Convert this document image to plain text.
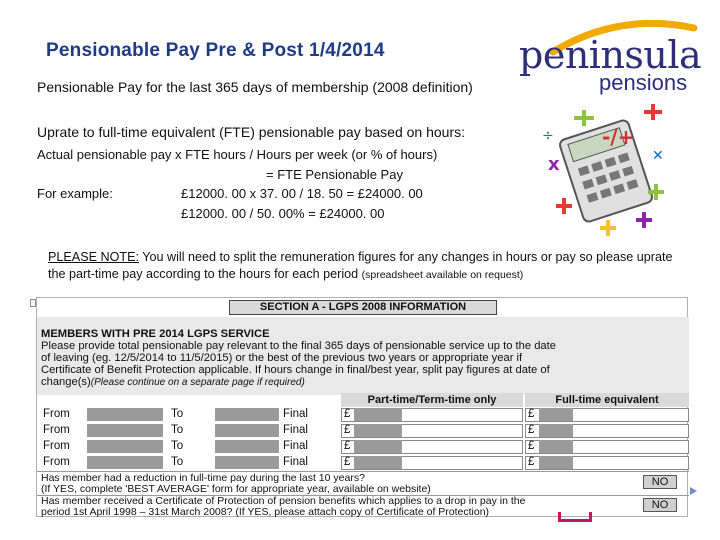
Pensionable Pay Pre & Post 1/4/2014	peninsula
pensions
Pensionable Pay for the last 365 days of membership (2008 definition)
Uprate to full-time equivalent (FTE) pensionable pay based on hours:
Actual pensionable pay x FTE hours / Hours per week (or % of hours)
= FTE Pensionable Pay
For example:	£12000. 00 x 37. 00 / 18. 50 = £24000. 00
£12000. 00 / 50. 00% = £24000. 00
x
÷
✕
-/+
PLEASE NOTE: You will need to split the remuneration figures for any changes in hours or pay so please uprate the part-time pay according to the hours for each period (spreadsheet available on request)
SECTION A - LGPS 2008 INFORMATION
MEMBERS WITH PRE 2014 LGPS SERVICE
Please provide total pensionable pay relevant to the final 365 days of pensionable service up to the date
of leaving (eg. 12/5/2014 to 11/5/2015) or the best of the previous two years or appropriate year if
Certificate of Benefit Protection applicable. If hours change in final/best year, split pay figures at date of
change(s)(Please continue on a separate page if required)
Part-time/Term-time only	Full-time equivalent
From	To	Final	£	£
From	To	Final	£	£
From	To	Final	£	£
From	To	Final	£	£
Has member had a reduction in full-time pay during the last 10 years?
(If YES, complete 'BEST AVERAGE' form for appropriate year, available on website)
NO
Has member received a Certificate of Protection of pension benefits which applies to a drop in pay in the
period 1st April 1998 – 31st March 2008? (If YES, please attach copy of Certificate of Protection)
NO
